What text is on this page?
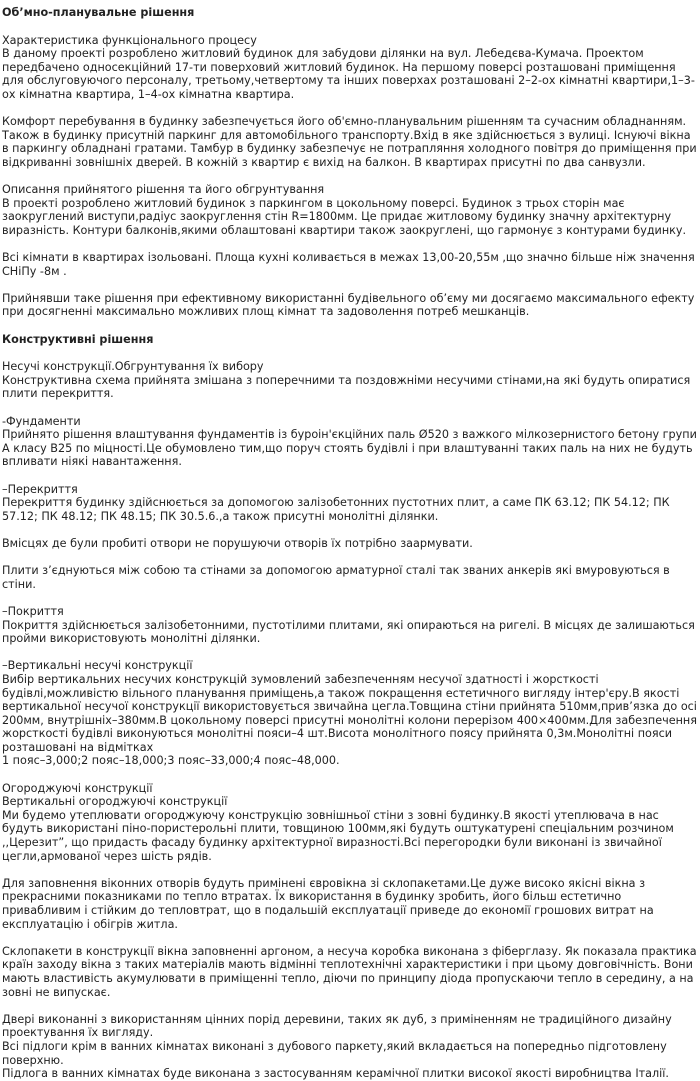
Об’мно-планувальне рішення
Характеристика функціонального процесу
В даному проекті розроблено житловий будинок для забудови ділянки на вул. Лебедєва-Кумача. Проектом передбачено односекційний 17-ти поверховий житловий будинок. На першому поверсі розташовані приміщення для обслуговуючого персоналу, третьому,четвертому та інших поверхах розташовані 2–2-ох кімнатні квартири,1–3-ох кімнатна квартира, 1–4-ох кімнатна квартира.
Комфорт перебування в будинку забезпечується його об'ємно-планувальним рішенням та сучасним обладнанням. Також в будинку присутній паркинг для автомобільного транспорту.Вхід в яке здійснюється з вулиці. Існуючі вікна в паркингу обладнані гратами. Тамбур в будинку забезпечує не потрапляння холодного повітря до приміщення при відкриванні зовнішніх дверей. В кожній з квартир є вихід на балкон. В квартирах присутні по два санвузли.
Описання прийнятого рішення та його обгрунтування
В проекті розроблено житловий будинок з паркингом в цокольному поверсі. Будинок з трьох сторін має заокруглений виступи,радіус заокруглення стін R=1800мм. Це придає житловому будинку значну архітектурну виразність. Контури балконів,якими облаштовані квартири також заокруглені, що гармонує з контурами будинку.
Всі кімнати в квартирах ізольовані. Площа кухні коливається в межах 13,00-20,55м ,що значно більше ніж значення СНіПу -8м .
Прийнявши таке рішення при ефективному використанні будівельного об’єму ми досягаємо максимального ефекту при досягненні максимально можливих площ кімнат та задоволення потреб мешканців.
Конструктивні рішення
Несучі конструкції.Обгрунтування їх вибору
Конструктивна схема прийнята змішана з поперечними та поздовжніми несучими стінами,на які будуть опиратися плити перекриття.
-Фундаменти
Прийнято рішення влаштування фундаментів із буроін'єкційних паль Ø520 з важкого мілкозернистого бетону групи А класу В25 по міцності.Це обумовлено тим,що поруч стоять будівлі і при влаштуванні таких паль на них не будуть впливати ніякі навантаження.
–Перекриття
Перекриття будинку здійснюється за допомогою залізобетонних пустотних плит, а саме ПК 63.12; ПК 54.12; ПК 57.12; ПК 48.12; ПК 48.15; ПК 30.5.6.,а також присутні монолітні ділянки.
Вмісцях де були пробиті отвори не порушуючи отворів їх потрібно заармувати.
Плити з’єднуються між собою та стінами за допомогою арматурної сталі так званих анкерів які вмуровуються в стіни.
–Покриття
Покриття здійснюється залізобетонними, пустотілими плитами, які опираються на ригелі. В місцях де залишаються пройми використовують монолітні ділянки.
–Вертикальні несучі конструкції
Вибір вертикальних несучих конструкцій зумовлений забезпеченням несучої здатності і жорсткості будівлі,можливістю вільного планування приміщень,а також покращення естетичного вигляду інтер'єру.В якості вертикальної несучої конструкції використовується звичайна цегла.Товщина стіни прийнята 510мм,прив’язка до осі 200мм, внутрішніх–380мм.В цокольному поверсі присутні монолітні колони перерізом 400×400мм.Для забезпечення жорсткості будівлі виконуються монолітні пояси–4 шт.Висота монолітного поясу прийнята 0,3м.Монолітні пояси розташовані на відмітках
1 пояс–3,000;2 пояс–18,000;3 пояс–33,000;4 пояс–48,000.
Огороджуючі конструкції
Вертикальні огороджуючі конструкції
Ми будемо утеплювати огороджуючу конструкцію зовнішньої стіни з зовні будинку.В якості утеплювача в нас будуть використані піно-пористерольні плити, товщиною 100мм,які будуть оштукатурені спеціальним розчином ,,Церезит”, що придасть фасаду будинку архітектурної виразності.Всі перегородки були виконані із звичайної цегли,армованої через шість рядів.
Для заповнення віконних отворів будуть примінені євровікна зі склопакетами.Це дуже високо якісні вікна з прекрасними показниками по тепло втратах. Їх використання в будинку зробить, його більш естетично привабливим і стійким до тепловтрат, що в подальшій експлуатації приведе до економії грошових витрат на експлуатацію і обігрів житла.
Склопакети в конструкції вікна заповненні аргоном, а несуча коробка виконана з фіберглазу. Як показала практика країн заходу вікна з таких матеріалів мають відмінні теплотехнічні характеристики і при цьому довговічність. Вони мають властивість акумулювати в приміщенні тепло, діючи по принципу діода пропускаючи тепло в середину, а на зовні не випускає.
Двері виконанні з використанням цінних порід деревини, таких як дуб, з приміненням не традиційного дизайну проектування їх вигляду.
Всі підлоги крім в ванних кімнатах виконані з дубового паркету,який вкладається на попередньо підготовлену поверхню.
Підлога в ванних кімнатах буде виконана з застосуванням керамічної плитки високої якості виробництва Італії.
